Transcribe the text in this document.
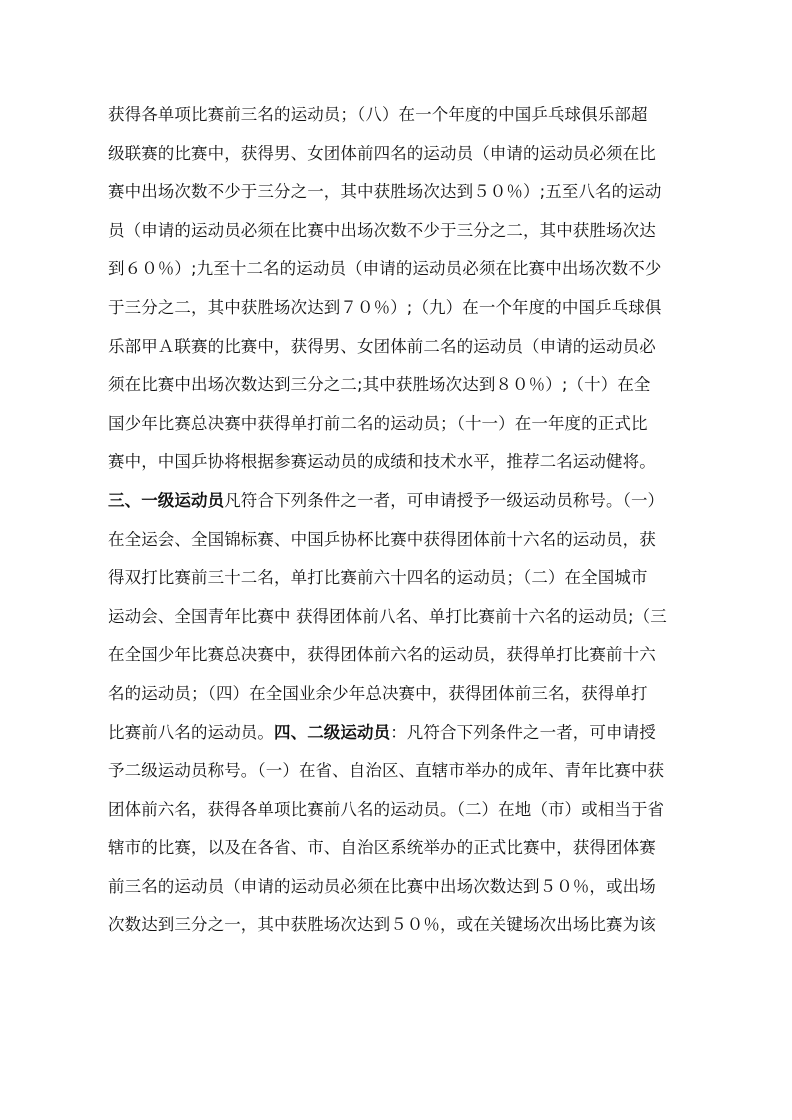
获得各单项比赛前三名的运动员；（八）在一个年度的中国乒乓球俱乐部超
级联赛的比赛中，获得男、女团体前四名的运动员（申请的运动员必须在比
赛中出场次数不少于三分之一，其中获胜场次达到５０％）;五至八名的运动
员（申请的运动员必须在比赛中出场次数不少于三分之二，其中获胜场次达
到６０％）;九至十二名的运动员（申请的运动员必须在比赛中出场次数不少
于三分之二，其中获胜场次达到７０％）;（九）在一个年度的中国乒乓球俱
乐部甲Ａ联赛的比赛中，获得男、女团体前二名的运动员（申请的运动员必
须在比赛中出场次数达到三分之二;其中获胜场次达到８０％）;（十）在全
国少年比赛总决赛中获得单打前二名的运动员；（十一）在一年度的正式比
赛中，中国乒协将根据参赛运动员的成绩和技术水平，推荐二名运动健将。
三、一级运动员凡符合下列条件之一者，可申请授予一级运动员称号。（一）
在全运会、全国锦标赛、中国乒协杯比赛中获得团体前十六名的运动员，获
得双打比赛前三十二名，单打比赛前六十四名的运动员；（二）在全国城市
运动会、全国青年比赛中 获得团体前八名、单打比赛前十六名的运动员;（三
在全国少年比赛总决赛中，获得团体前六名的运动员，获得单打比赛前十六
名的运动员；（四）在全国业余少年总决赛中，获得团体前三名，获得单打
比赛前八名的运动员。四、二级运动员：凡符合下列条件之一者，可申请授
予二级运动员称号。（一）在省、自治区、直辖市举办的成年、青年比赛中获
团体前六名，获得各单项比赛前八名的运动员。（二）在地（市）或相当于省
辖市的比赛，以及在各省、市、自治区系统举办的正式比赛中，获得团体赛
前三名的运动员（申请的运动员必须在比赛中出场次数达到５０％，或出场
次数达到三分之一，其中获胜场次达到５０％，或在关键场次出场比赛为该
